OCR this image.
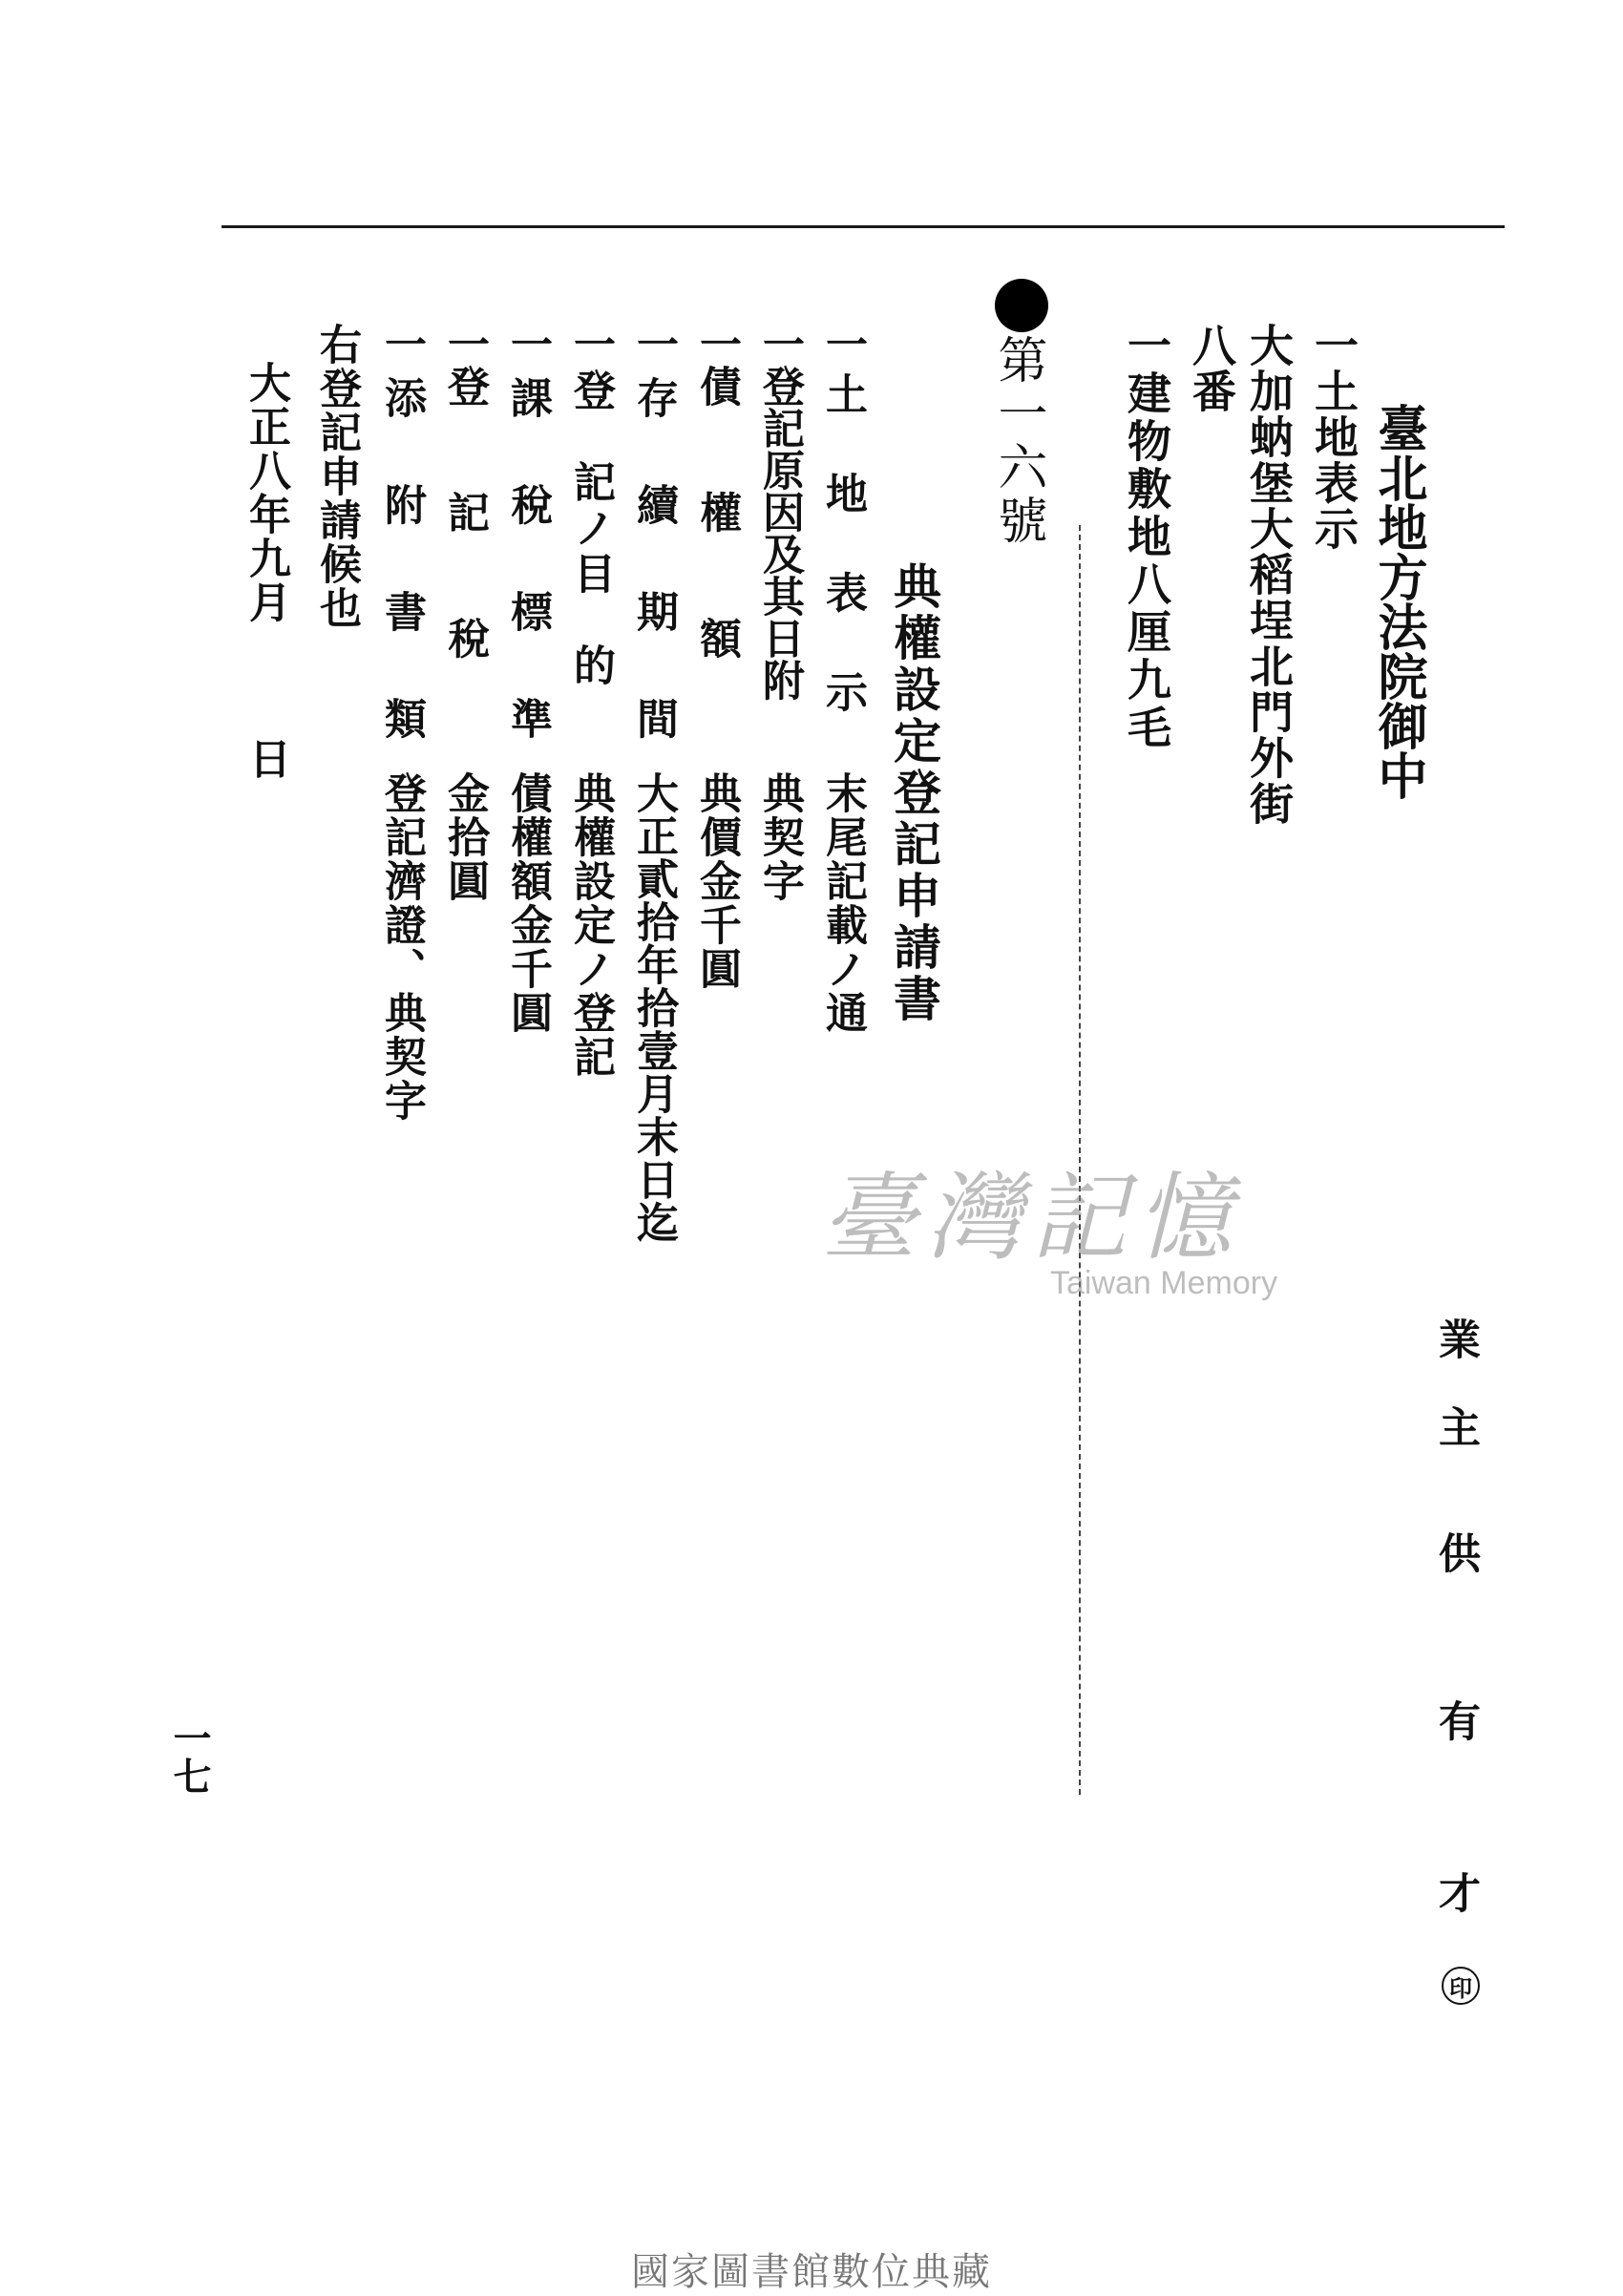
臺北地方法院御中
一土地表示
大加蚋堡大稻埕北門外街
八番
一建物敷地八厘九毛
第一六號
典權設定登記申請書
一土　地　表　示
一登記原因及其日附
一債　　權　　額
一存　續　期　間
一登　記ノ目　的
一課　稅　標　準
一登　　記　　稅
一添　附　書　類
末尾記載ノ通
典契字
典價金千圓
大正貳拾年拾壹月末日迄
典權設定ノ登記
債權額金千圓
金拾圓
登記濟證、典契字
右登記申請候也
大正八年九月
日
業
主
供
有
才
印
一七
臺灣記憶
Taiwan Memory
國家圖書館數位典藏
